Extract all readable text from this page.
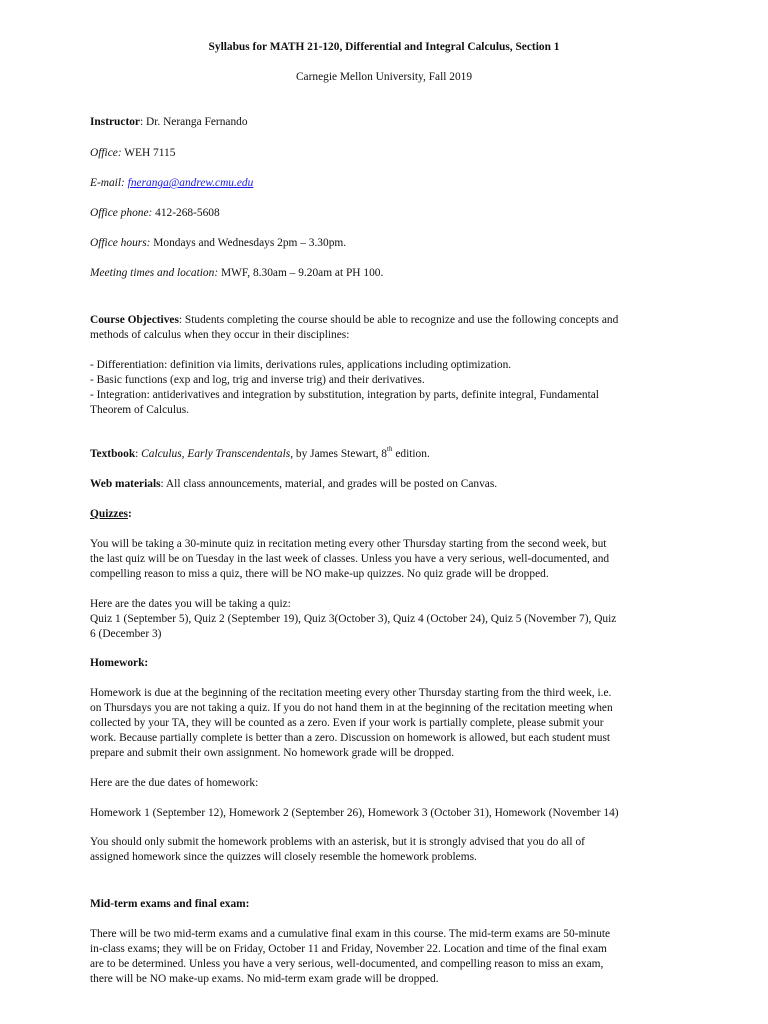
Syllabus for MATH 21-120, Differential and Integral Calculus, Section 1
Carnegie Mellon University, Fall 2019
Instructor: Dr. Neranga Fernando
Office: WEH 7115
E-mail: fneranga@andrew.cmu.edu
Office phone: 412-268-5608
Office hours: Mondays and Wednesdays 2pm – 3.30pm.
Meeting times and location: MWF, 8.30am – 9.20am at PH 100.
Course Objectives: Students completing the course should be able to recognize and use the following concepts and
methods of calculus when they occur in their disciplines:
- Differentiation: definition via limits, derivations rules, applications including optimization.
- Basic functions (exp and log, trig and inverse trig) and their derivatives.
- Integration: antiderivatives and integration by substitution, integration by parts, definite integral, Fundamental
Theorem of Calculus.
Textbook: Calculus, Early Transcendentals, by James Stewart, 8th edition.
Web materials: All class announcements, material, and grades will be posted on Canvas.
Quizzes:
You will be taking a 30-minute quiz in recitation meting every other Thursday starting from the second week, but
the last quiz will be on Tuesday in the last week of classes. Unless you have a very serious, well-documented, and
compelling reason to miss a quiz, there will be NO make-up quizzes. No quiz grade will be dropped.
Here are the dates you will be taking a quiz:
Quiz 1 (September 5), Quiz 2 (September 19), Quiz 3(October 3), Quiz 4 (October 24), Quiz 5 (November 7), Quiz
6 (December 3)
Homework:
Homework is due at the beginning of the recitation meeting every other Thursday starting from the third week, i.e.
on Thursdays you are not taking a quiz. If you do not hand them in at the beginning of the recitation meeting when
collected by your TA, they will be counted as a zero. Even if your work is partially complete, please submit your
work. Because partially complete is better than a zero. Discussion on homework is allowed, but each student must
prepare and submit their own assignment. No homework grade will be dropped.
Here are the due dates of homework:
Homework 1 (September 12), Homework 2 (September 26), Homework 3 (October 31), Homework (November 14)
You should only submit the homework problems with an asterisk, but it is strongly advised that you do all of
assigned homework since the quizzes will closely resemble the homework problems.
Mid-term exams and final exam:
There will be two mid-term exams and a cumulative final exam in this course. The mid-term exams are 50-minute
in-class exams; they will be on Friday, October 11 and Friday, November 22. Location and time of the final exam
are to be determined. Unless you have a very serious, well-documented, and compelling reason to miss an exam,
there will be NO make-up exams. No mid-term exam grade will be dropped.
